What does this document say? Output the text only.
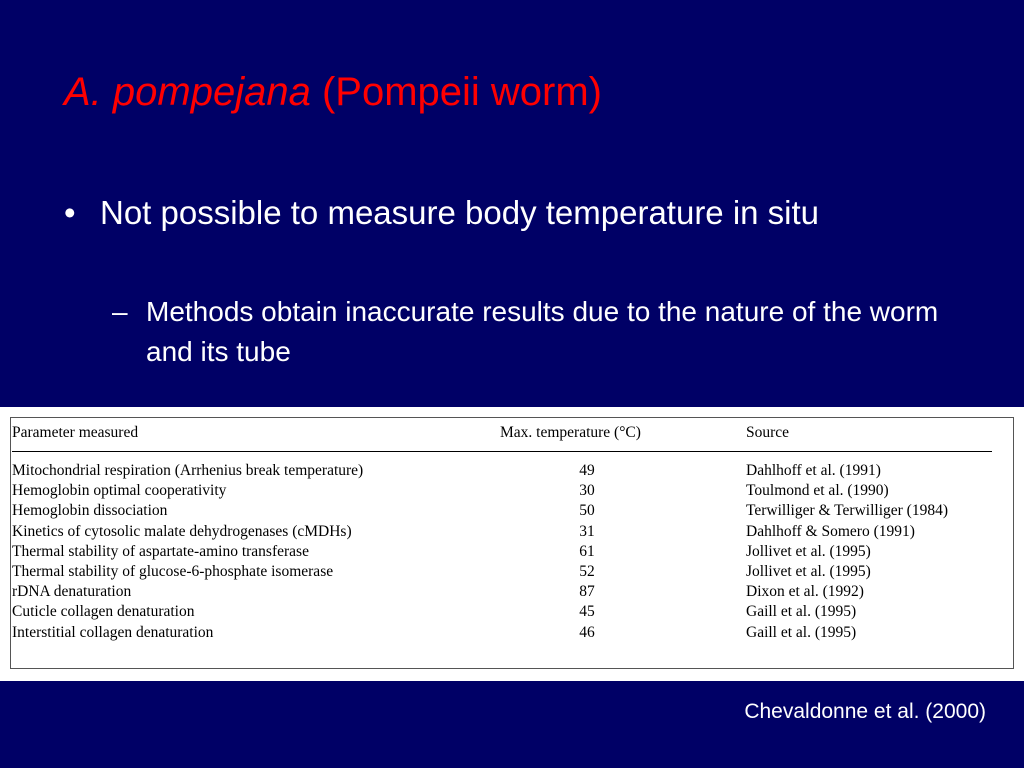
A. pompejana (Pompeii worm)
• Not possible to measure body temperature in situ
– Methods obtain inaccurate results due to the nature of the worm and its tube
Parameter measured	Max. temperature (°C)	Source
Mitochondrial respiration (Arrhenius break temperature)	49	Dahlhoff et al. (1991)
Hemoglobin optimal cooperativity	30	Toulmond et al. (1990)
Hemoglobin dissociation	50	Terwilliger & Terwilliger (1984)
Kinetics of cytosolic malate dehydrogenases (cMDHs)	31	Dahlhoff & Somero (1991)
Thermal stability of aspartate-amino transferase	61	Jollivet et al. (1995)
Thermal stability of glucose-6-phosphate isomerase	52	Jollivet et al. (1995)
rDNA denaturation	87	Dixon et al. (1992)
Cuticle collagen denaturation	45	Gaill et al. (1995)
Interstitial collagen denaturation	46	Gaill et al. (1995)
Chevaldonne et al. (2000)
